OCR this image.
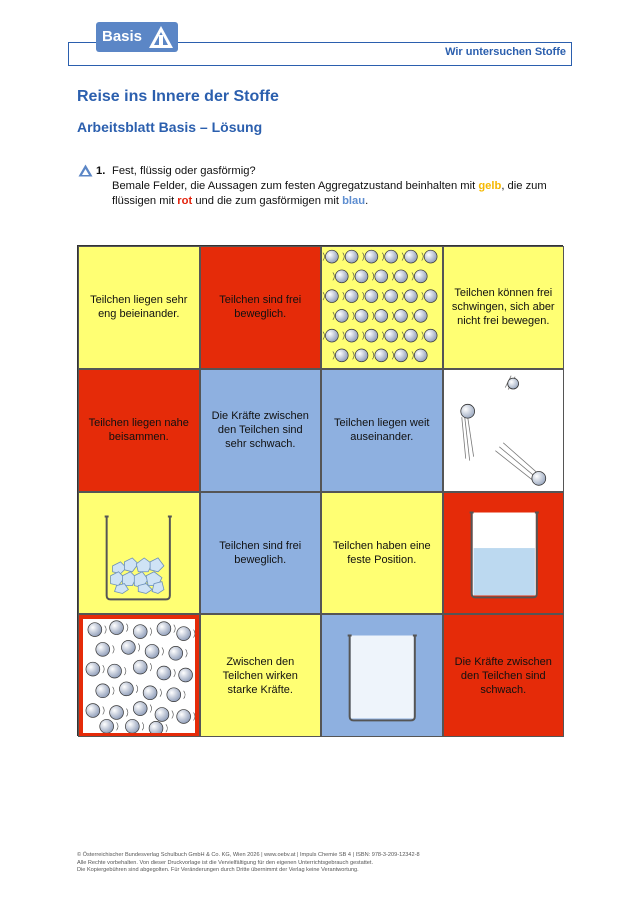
Basis
Wir untersuchen Stoffe
Reise ins Innere der Stoffe
Arbeitsblatt Basis – Lösung
1. Fest, flüssig oder gasförmig?
Bemale Felder, die Aussagen zum festen Aggregatzustand beinhalten mit gelb, die zum flüssigen mit rot und die zum gasförmigen mit blau.
Teilchen liegen sehr eng beieinander.
Teilchen sind frei beweglich.
Teilchen können frei schwingen, sich aber nicht frei bewegen.
Teilchen liegen nahe beisammen.
Die Kräfte zwischen den Teilchen sind sehr schwach.
Teilchen liegen weit auseinander.
Teilchen sind frei beweglich.
Teilchen haben eine feste Position.
Zwischen den Teilchen wirken starke Kräfte.
Die Kräfte zwischen den Teilchen sind schwach.
© Österreichischer Bundesverlag Schulbuch GmbH & Co. KG, Wien 2026 | www.oebv.at | Impuls Chemie SB 4 | ISBN: 978-3-209-12342-8
Alle Rechte vorbehalten. Von dieser Druckvorlage ist die Vervielfältigung für den eigenen Unterrichtsgebrauch gestattet.
Die Kopiergebühren sind abgegolten. Für Veränderungen durch Dritte übernimmt der Verlag keine Verantwortung.
